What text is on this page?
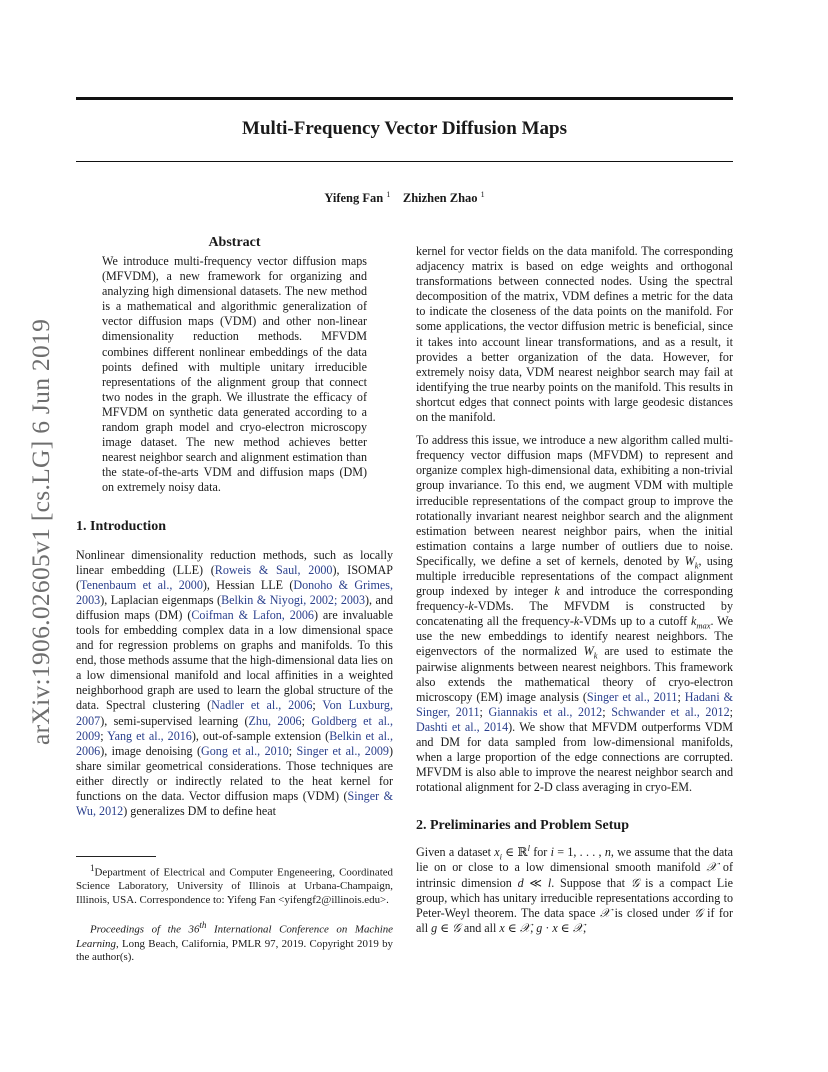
Multi-Frequency Vector Diffusion Maps
Yifeng Fan $^1$ Zhizhen Zhao $^1$
arXiv:1906.02605v1 [cs.LG] 6 Jun 2019
Abstract

We introduce multi-frequency vector diffusion maps (MFVDM), a new framework for organizing and analyzing high dimensional datasets. The new method is a mathematical and algorithmic generalization of vector diffusion maps (VDM) and other non-linear dimensionality reduction methods. MFVDM combines different nonlinear embeddings of the data points defined with multiple unitary irreducible representations of the alignment group that connect two nodes in the graph. We illustrate the efficacy of MFVDM on synthetic data generated according to a random graph model and cryo-electron microscopy image dataset. The new method achieves better nearest neighbor search and alignment estimation than the state-of-the-arts VDM and diffusion maps (DM) on extremely noisy data.

1. Introduction

Nonlinear dimensionality reduction methods, such as locally linear embedding (LLE) (Roweis & Saul, 2000), ISOMAP (Tenenbaum et al., 2000), Hessian LLE (Donoho & Grimes, 2003), Laplacian eigenmaps (Belkin & Niyogi, 2002; 2003), and diffusion maps (DM) (Coifman & Lafon, 2006) are invaluable tools for embedding complex data in a low dimensional space and for regression problems on graphs and manifolds. To this end, those methods assume that the high-dimensional data lies on a low dimensional manifold and local affinities in a weighted neighborhood graph are used to learn the global structure of the data. Spectral clustering (Nadler et al., 2006; Von Luxburg, 2007), semi-supervised learning (Zhu, 2006; Goldberg et al., 2009; Yang et al., 2016), out-of-sample extension (Belkin et al., 2006), image denoising (Gong et al., 2010; Singer et al., 2009) share similar geometrical considerations. Those techniques are either directly or indirectly related to the heat kernel for functions on the data. Vector diffusion maps (VDM) (Singer & Wu, 2012) generalizes DM to define heat

kernel for vector fields on the data manifold. The corresponding adjacency matrix is based on edge weights and orthogonal transformations between connected nodes. Using the spectral decomposition of the matrix, VDM defines a metric for the data to indicate the closeness of the data points on the manifold. For some applications, the vector diffusion metric is beneficial, since it takes into account linear transformations, and as a result, it provides a better organization of the data. However, for extremely noisy data, VDM nearest neighbor search may fail at identifying the true nearby points on the manifold. This results in shortcut edges that connect points with large geodesic distances on the manifold.

To address this issue, we introduce a new algorithm called multi-frequency vector diffusion maps (MFVDM) to represent and organize complex high-dimensional data, exhibiting a non-trivial group invariance. To this end, we augment VDM with multiple irreducible representations of the compact group to improve the rotationally invariant nearest neighbor search and the alignment estimation between nearest neighbor pairs, when the initial estimation contains a large number of outliers due to noise. Specifically, we define a set of kernels, denoted by $W_k$, using multiple irreducible representations of the compact alignment group indexed by integer k and introduce the corresponding frequency-k-VDMs. The MFVDM is constructed by concatenating all the frequency-k-VDMs up to a cutoff $k_{max}$. We use the new embeddings to identify nearest neighbors. The eigenvectors of the normalized $W_k$ are used to estimate the pairwise alignments between nearest neighbors. This framework also extends the mathematical theory of cryo-electron microscopy (EM) image analysis (Singer et al., 2011; Hadani & Singer, 2011; Giannakis et al., 2012; Schwander et al., 2012; Dashti et al., 2014). We show that MFVDM outperforms VDM and DM for data sampled from low-dimensional manifolds, when a large proportion of the edge connections are corrupted. MFVDM is also able to improve the nearest neighbor search and rotational alignment for 2-D class averaging in cryo-EM.

2. Preliminaries and Problem Setup

Given a dataset $x_i$ ∈ ℝ$^l$ for i = 1, . . . , n, we assume that the data lie on or close to a low dimensional smooth manifold 𝒳 of intrinsic dimension d ≪ l. Suppose that 𝒢 is a compact Lie group, which has unitary irreducible representations according to Peter-Weyl theorem. The data space 𝒳 is closed under 𝒢 if for all g ∈ 𝒢 and all x ∈ 𝒳, g · x ∈ 𝒳,

$^1$Department of Electrical and Computer Engeneering, Coordinated Science Laboratory, University of Illinois at Urbana-Champaign, Illinois, USA. Correspondence to: Yifeng Fan <yifengf2@illinois.edu>.

Proceedings of the 36th International Conference on Machine Learning, Long Beach, California, PMLR 97, 2019. Copyright 2019 by the author(s).
